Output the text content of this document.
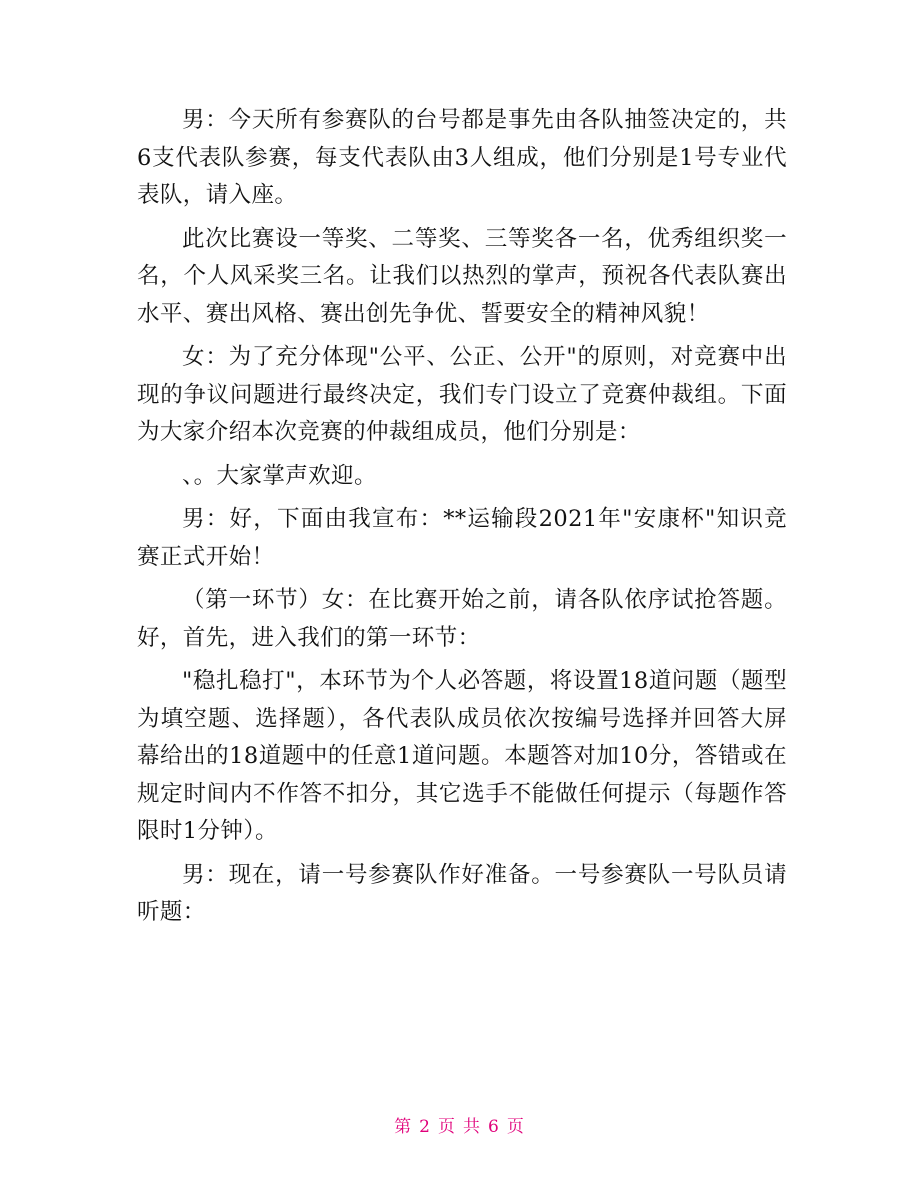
男：今天所有参赛队的台号都是事先由各队抽签决定的，共6支代表队参赛，每支代表队由3人组成，他们分别是1号专业代表队，请入座。

此次比赛设一等奖、二等奖、三等奖各一名，优秀组织奖一名，个人风采奖三名。让我们以热烈的掌声，预祝各代表队赛出水平、赛出风格、赛出创先争优、誓要安全的精神风貌！

女：为了充分体现"公平、公正、公开"的原则，对竞赛中出现的争议问题进行最终决定，我们专门设立了竞赛仲裁组。下面为大家介绍本次竞赛的仲裁组成员，他们分别是：

、。大家掌声欢迎。

男：好，下面由我宣布：**运输段2021年"安康杯"知识竞赛正式开始！

（第一环节）女：在比赛开始之前，请各队依序试抢答题。好，首先，进入我们的第一环节：

"稳扎稳打"，本环节为个人必答题，将设置18道问题（题型为填空题、选择题），各代表队成员依次按编号选择并回答大屏幕给出的18道题中的任意1道问题。本题答对加10分，答错或在规定时间内不作答不扣分，其它选手不能做任何提示（每题作答限时1分钟）。

男：现在，请一号参赛队作好准备。一号参赛队一号队员请听题：

第 2 页 共 6 页
